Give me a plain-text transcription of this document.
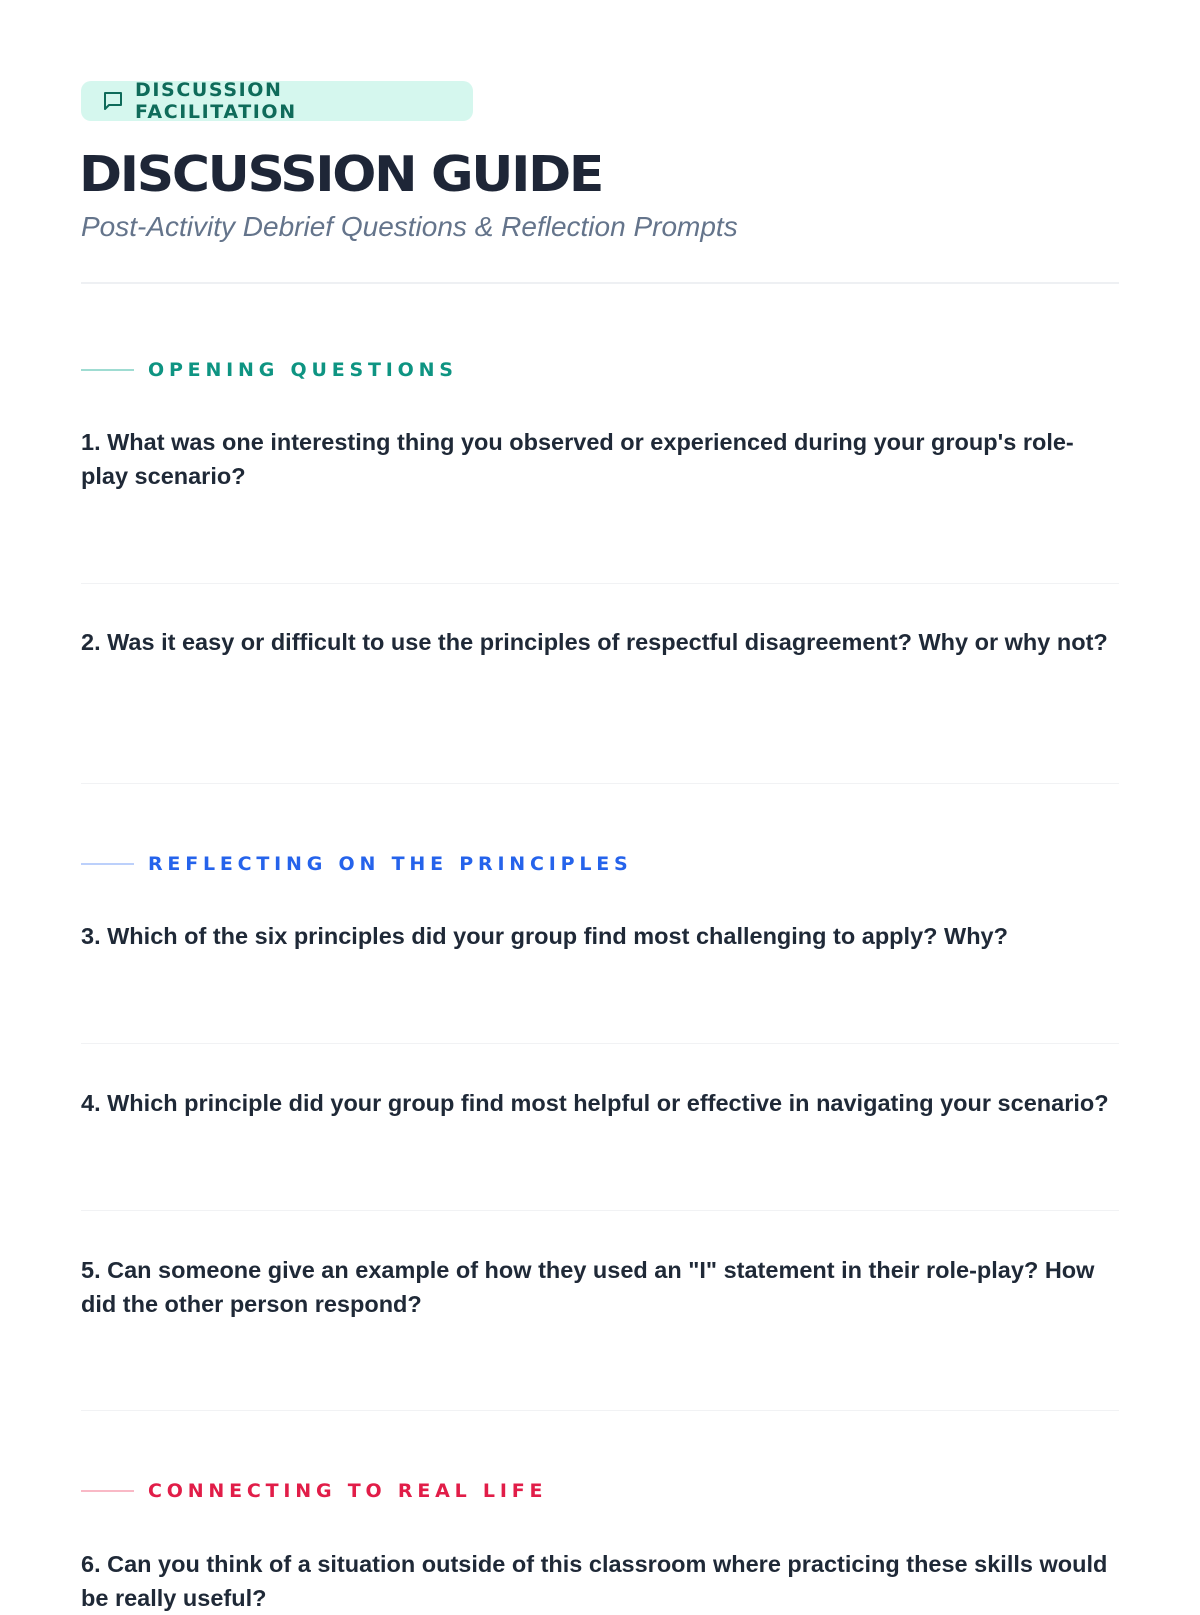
DISCUSSION FACILITATION
DISCUSSION GUIDE

Post-Activity Debrief Questions & Reflection Prompts

OPENING QUESTIONS

1. What was one interesting thing you observed or experienced during your group's role-play scenario?

2. Was it easy or difficult to use the principles of respectful disagreement? Why or why not?

REFLECTING ON THE PRINCIPLES

3. Which of the six principles did your group find most challenging to apply? Why?

4. Which principle did your group find most helpful or effective in navigating your scenario?

5. Can someone give an example of how they used an "I" statement in their role-play? How did the other person respond?

CONNECTING TO REAL LIFE

6. Can you think of a situation outside of this classroom where practicing these skills would be really useful?
